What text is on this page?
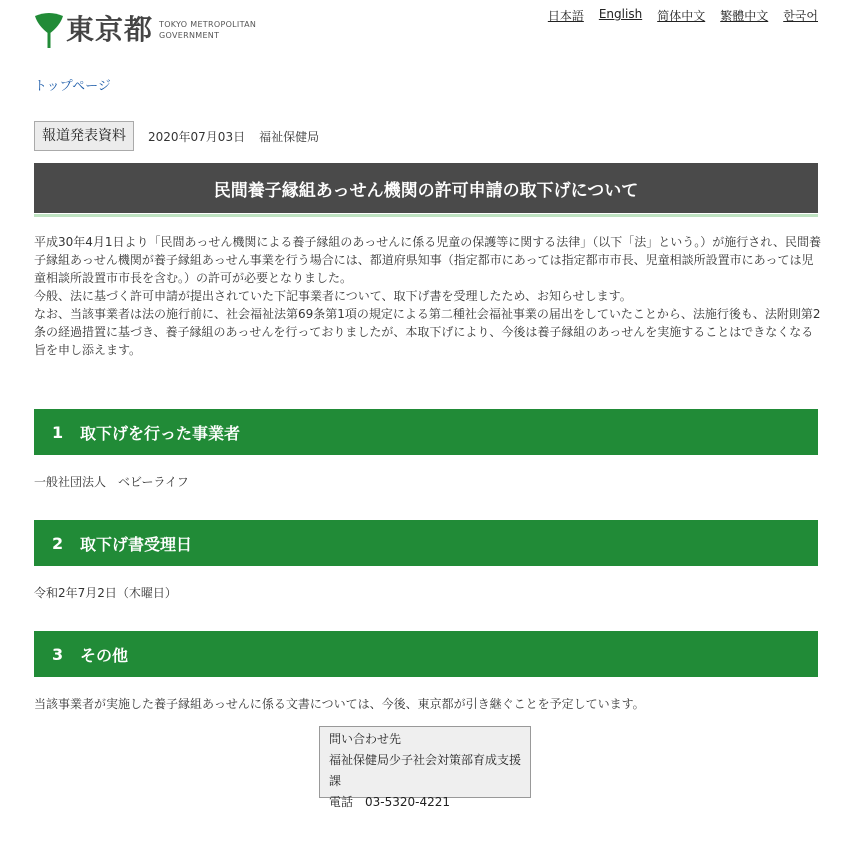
東京都 TOKYO METROPOLITAN
GOVERNMENT
日本語 English 简体中文 繁體中文 한국어
トップページ
報道発表資料	2020年07月03日 福祉保健局
民間養子縁組あっせん機関の許可申請の取下げについて

平成30年4月1日より「民間あっせん機関による養子縁組のあっせんに係る児童の保護等に関する法律」（以下「法」という。）が施行され、民間養子縁組あっせん機関が養子縁組あっせん事業を行う場合には、都道府県知事（指定都市にあっては指定都市市長、児童相談所設置市にあっては児童相談所設置市市長を含む。）の許可が必要となりました。

今般、法に基づく許可申請が提出されていた下記事業者について、取下げ書を受理したため、お知らせします。

なお、当該事業者は法の施行前に、社会福祉法第69条第1項の規定による第二種社会福祉事業の届出をしていたことから、法施行後も、法附則第2条の経過措置に基づき、養子縁組のあっせんを行っておりましたが、本取下げにより、今後は養子縁組のあっせんを実施することはできなくなる旨を申し添えます。

1	取下げを行った事業者
一般社団法人　ベビーライフ
2	取下げ書受理日
令和2年7月2日（木曜日）
3	その他
当該事業者が実施した養子縁組あっせんに係る文書については、今後、東京都が引き継ぐことを予定しています。
問い合わせ先
福祉保健局少子社会対策部育成支援課
電話　03-5320-4221
